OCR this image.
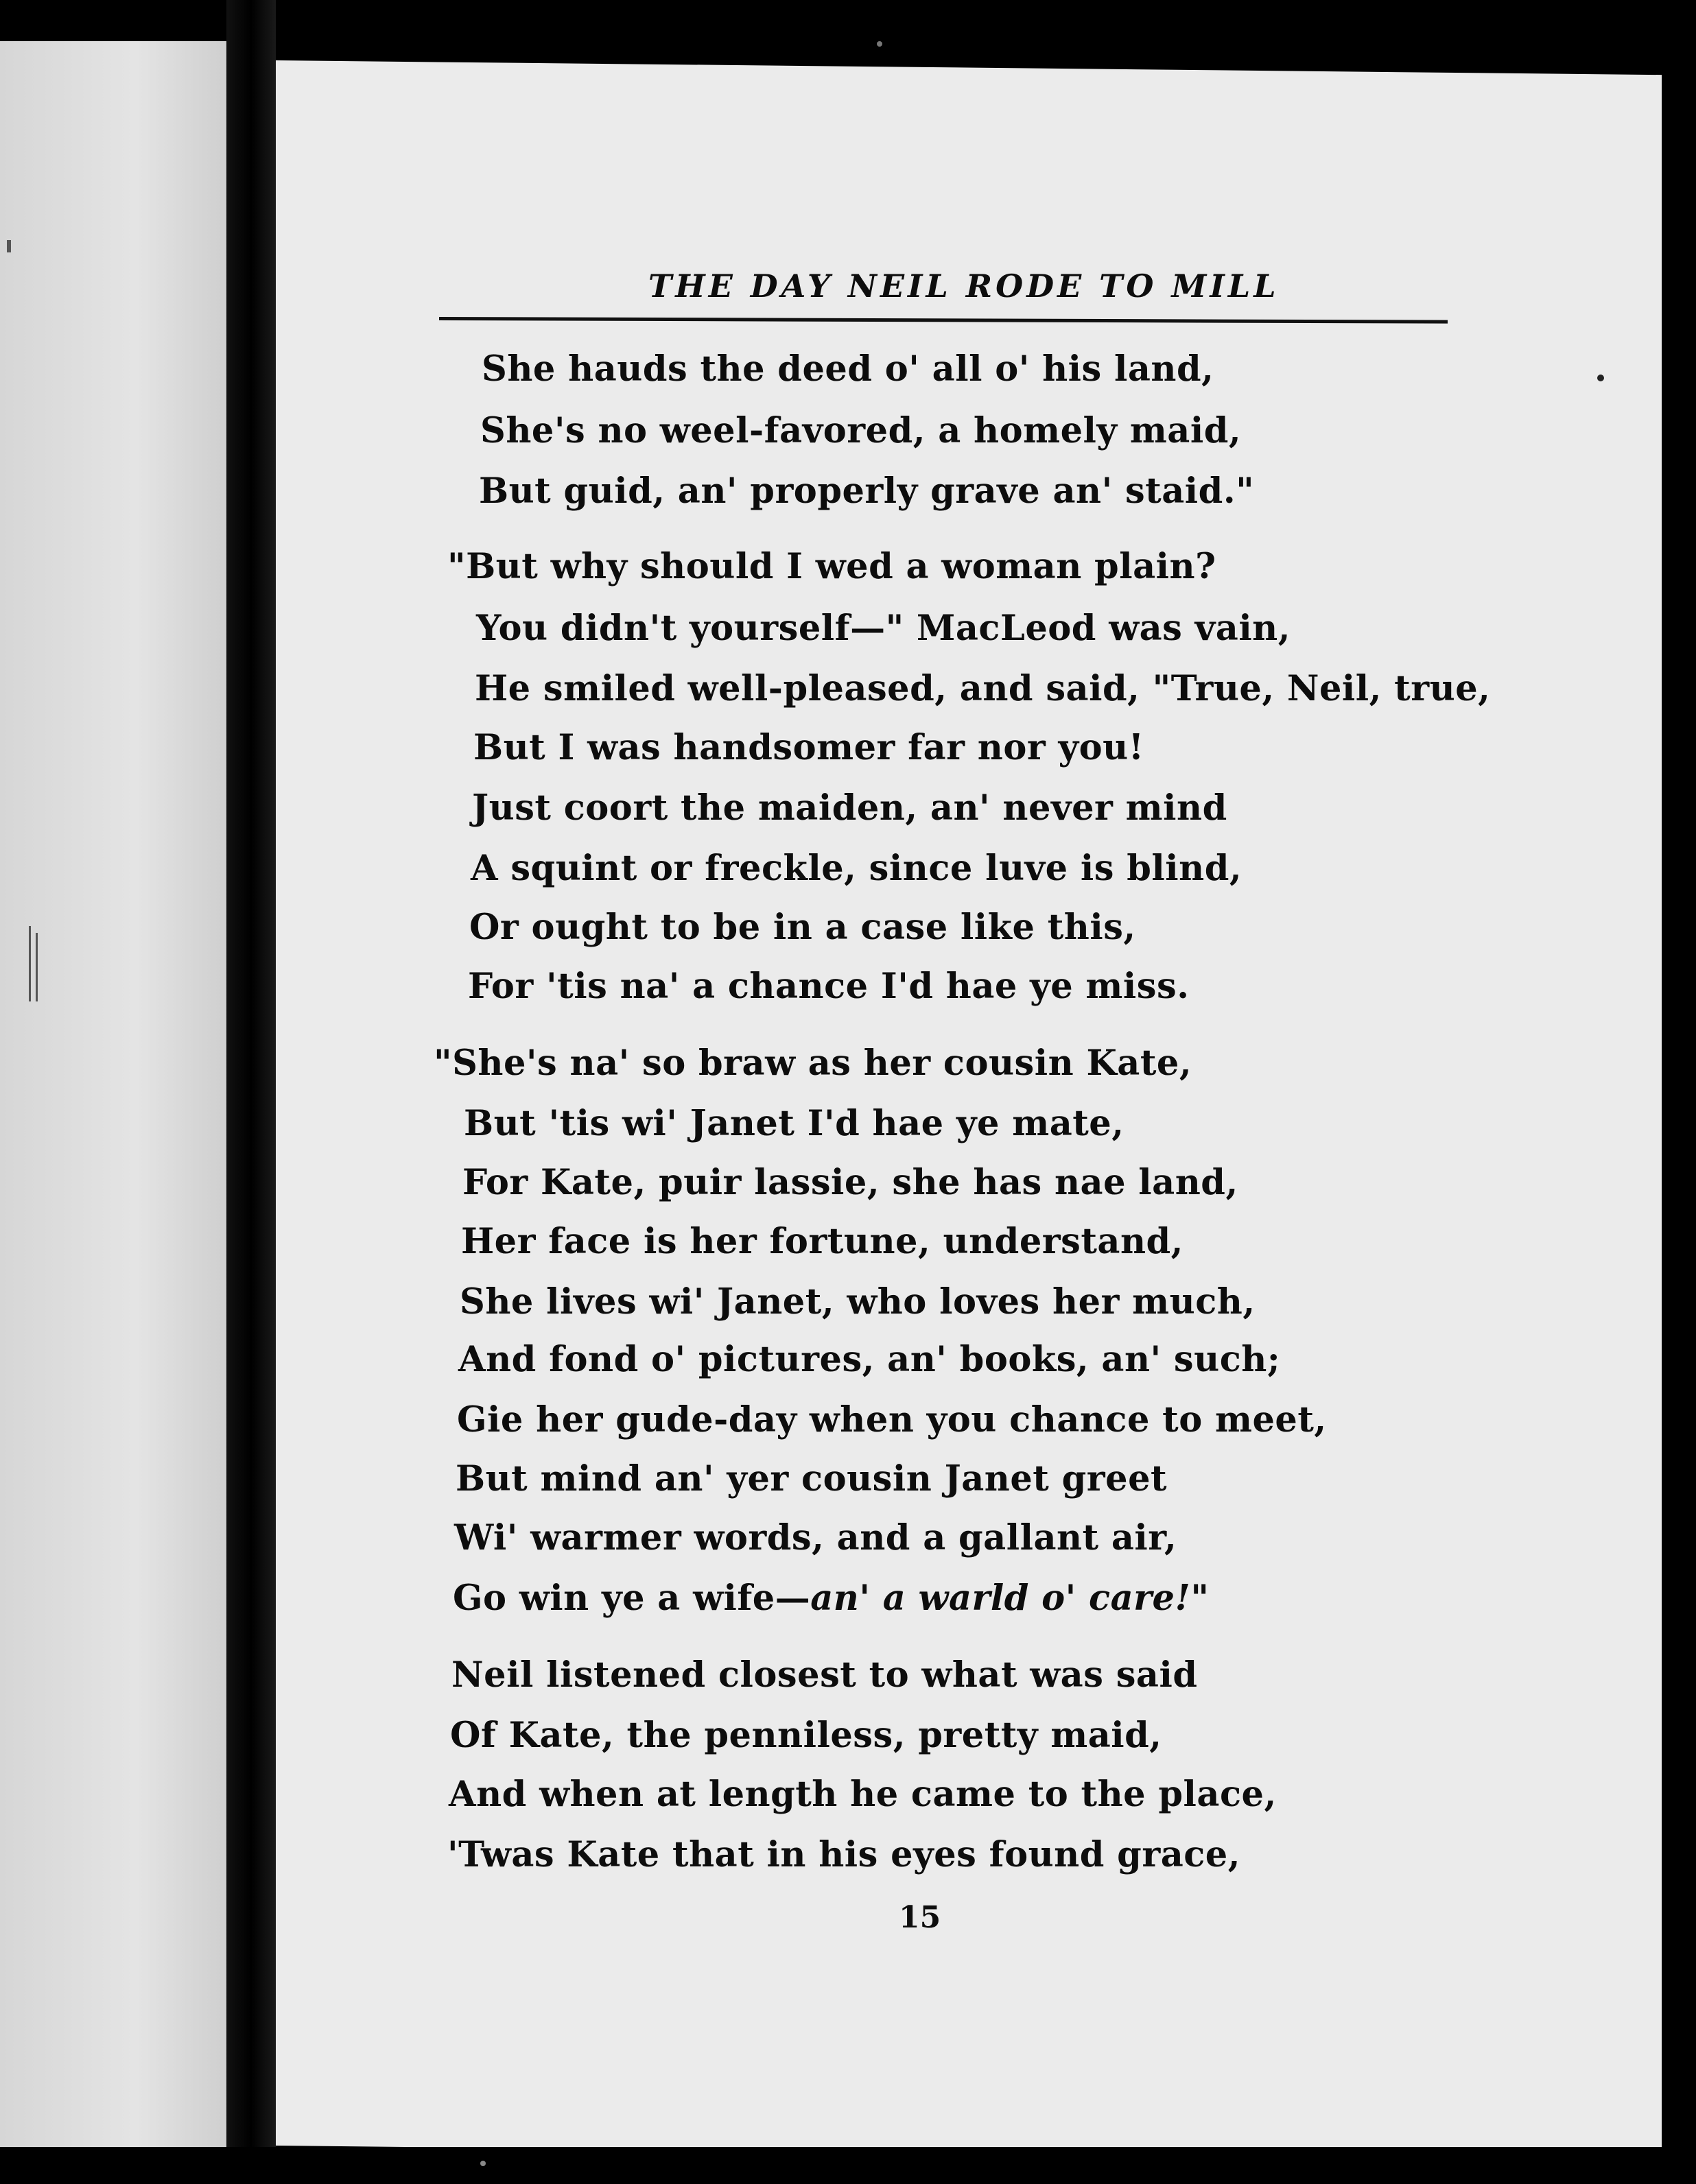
THE DAY NEIL RODE TO MILL
She hauds the deed o' all o' his land,
She's no weel-favored, a homely maid,
But guid, an' properly grave an' staid."
"But why should I wed a woman plain?
You didn't yourself—" MacLeod was vain,
He smiled well-pleased, and said, "True, Neil, true,
But I was handsomer far nor you!
Just coort the maiden, an' never mind
A squint or freckle, since luve is blind,
Or ought to be in a case like this,
For 'tis na' a chance I'd hae ye miss.
"She's na' so braw as her cousin Kate,
But 'tis wi' Janet I'd hae ye mate,
For Kate, puir lassie, she has nae land,
Her face is her fortune, understand,
She lives wi' Janet, who loves her much,
And fond o' pictures, an' books, an' such;
Gie her gude-day when you chance to meet,
But mind an' yer cousin Janet greet
Wi' warmer words, and a gallant air,
Go win ye a wife—an' a warld o' care!"
Neil listened closest to what was said
Of Kate, the penniless, pretty maid,
And when at length he came to the place,
'Twas Kate that in his eyes found grace,
15
